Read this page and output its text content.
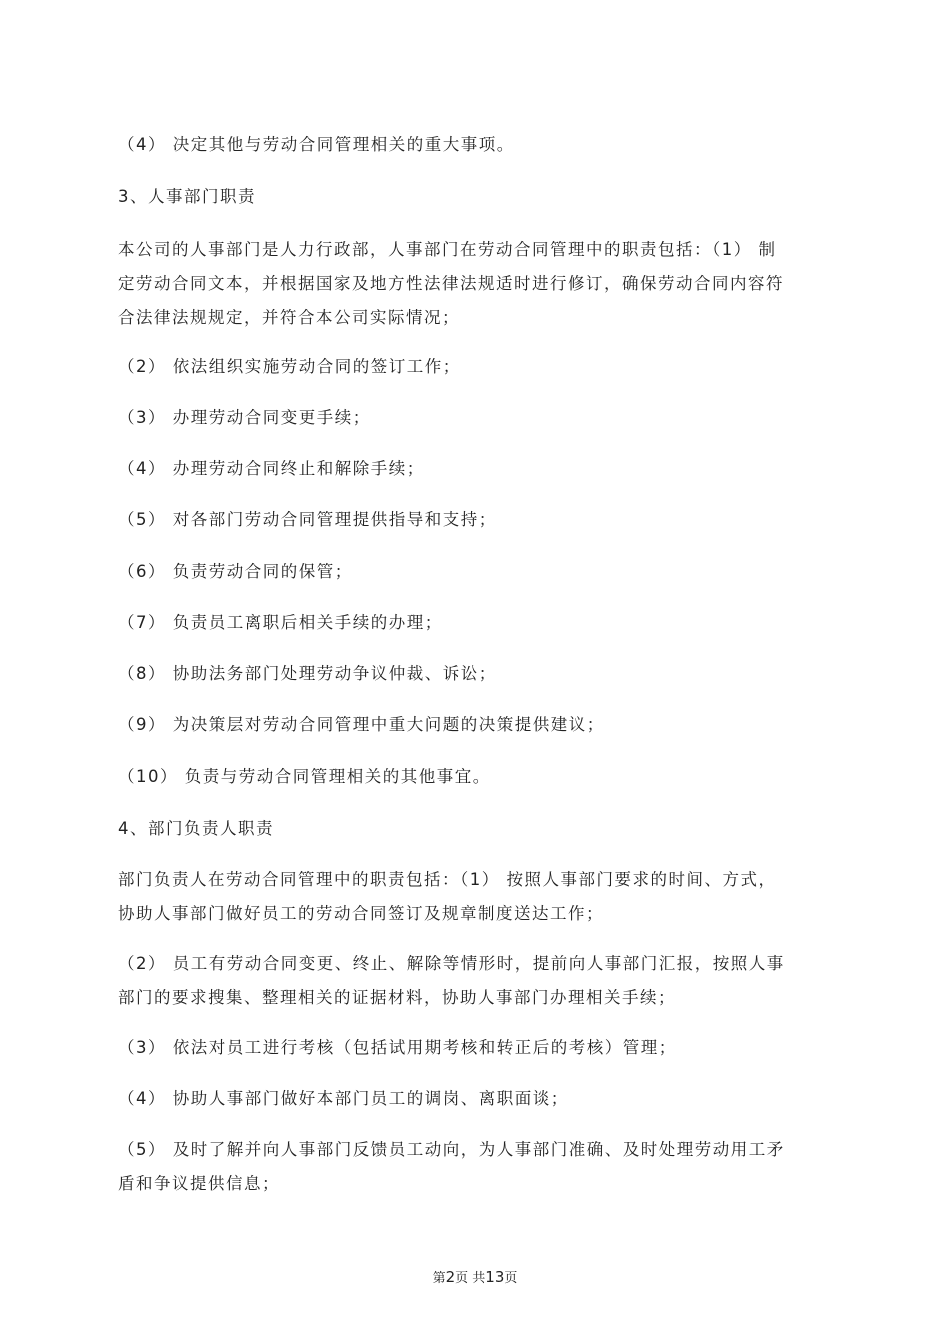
（4） 决定其他与劳动合同管理相关的重大事项。

3、人事部门职责

本公司的人事部门是人力行政部，人事部门在劳动合同管理中的职责包括：（1） 制
定劳动合同文本，并根据国家及地方性法律法规适时进行修订，确保劳动合同内容符
合法律法规规定，并符合本公司实际情况；

（2） 依法组织实施劳动合同的签订工作；

（3） 办理劳动合同变更手续；

（4） 办理劳动合同终止和解除手续；

（5） 对各部门劳动合同管理提供指导和支持；

（6） 负责劳动合同的保管；

（7） 负责员工离职后相关手续的办理；

（8） 协助法务部门处理劳动争议仲裁、诉讼；

（9） 为决策层对劳动合同管理中重大问题的决策提供建议；

（10） 负责与劳动合同管理相关的其他事宜。

4、部门负责人职责

部门负责人在劳动合同管理中的职责包括：（1） 按照人事部门要求的时间、方式，
协助人事部门做好员工的劳动合同签订及规章制度送达工作；

（2） 员工有劳动合同变更、终止、解除等情形时，提前向人事部门汇报，按照人事
部门的要求搜集、整理相关的证据材料，协助人事部门办理相关手续；

（3） 依法对员工进行考核（包括试用期考核和转正后的考核）管理；

（4） 协助人事部门做好本部门员工的调岗、离职面谈；

（5） 及时了解并向人事部门反馈员工动向，为人事部门准确、及时处理劳动用工矛
盾和争议提供信息；

第2页 共13页
